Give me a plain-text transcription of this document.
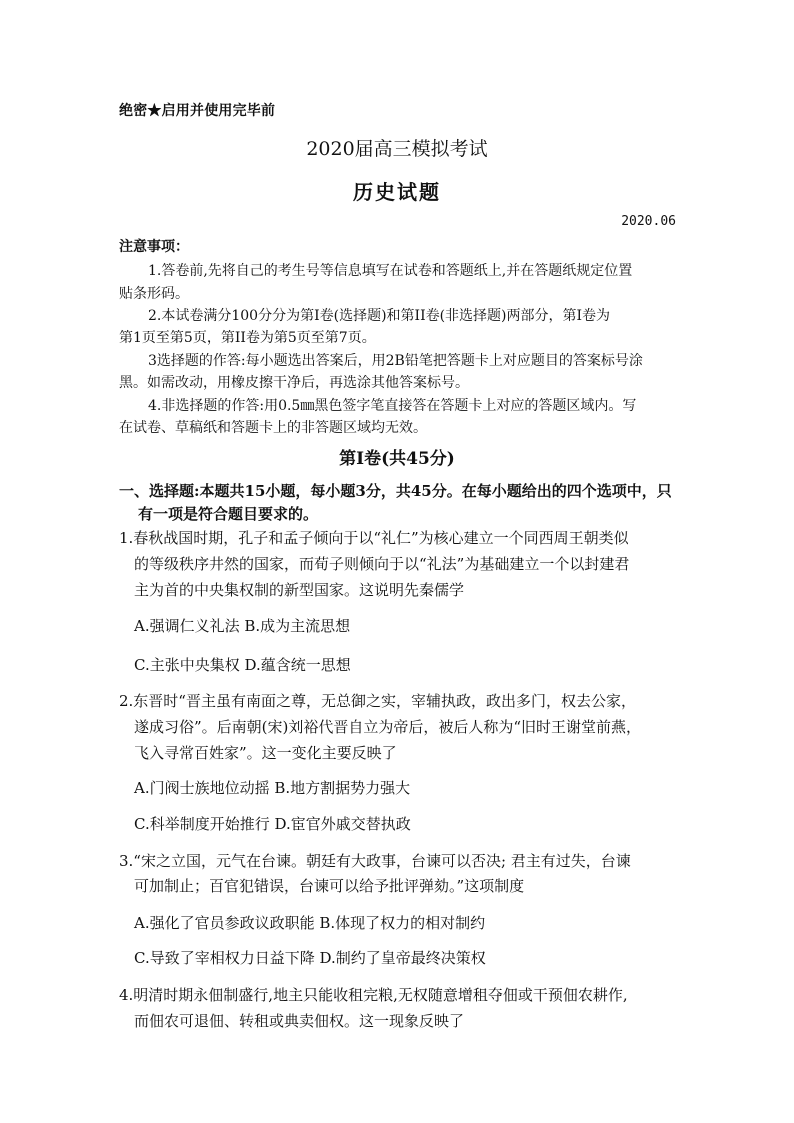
绝密★启用并使用完毕前
2020届高三模拟考试
历史试题
2020.06
注意事项：
1.答卷前,先将自己的考生号等信息填写在试卷和答题纸上,并在答题纸规定位置
贴条形码。
2.本试卷满分100分分为第I卷(选择题)和第II卷(非选择题)两部分，第I卷为
第1页至第5页，第II卷为第5页至第7页。
3选择题的作答:每小题选出答案后，用2B铅笔把答题卡上对应题目的答案标号涂
黑。如需改动，用橡皮擦干净后，再选涂其他答案标号。
4.非选择题的作答:用0.5㎜黑色签字笔直接答在答题卡上对应的答题区域内。写
在试卷、草稿纸和答题卡上的非答题区域均无效。
第I卷(共45分)
一、选择题:本题共15小题，每小题3分，共45分。在每小题给出的四个选项中，只
有一项是符合题目要求的。
1.春秋战国时期，孔子和孟子倾向于以“礼仁”为核心建立一个同西周王朝类似
的等级秩序井然的国家，而荀子则倾向于以“礼法”为基础建立一个以封建君
主为首的中央集权制的新型国家。这说明先秦儒学
A.强调仁义礼法 B.成为主流思想
C.主张中央集权 D.蕴含统一思想
2.东晋时“晋主虽有南面之尊，无总御之实，宰辅执政，政出多门，权去公家，
遂成习俗”。后南朝(宋)刘裕代晋自立为帝后，被后人称为“旧时王谢堂前燕，
飞入寻常百姓家”。这一变化主要反映了
A.门阀士族地位动摇 B.地方割据势力强大
C.科举制度开始推行 D.宦官外戚交替执政
3.“宋之立国，元气在台谏。朝廷有大政事，台谏可以否决; 君主有过失，台谏
可加制止；百官犯错误，台谏可以给予批评弹劾。”这项制度
A.强化了官员参政议政职能 B.体现了权力的相对制约
C.导致了宰相权力日益下降 D.制约了皇帝最终决策权
4.明清时期永佃制盛行,地主只能收租完粮,无权随意增租夺佃或干预佃农耕作,
而佃农可退佃、转租或典卖佃权。这一现象反映了
